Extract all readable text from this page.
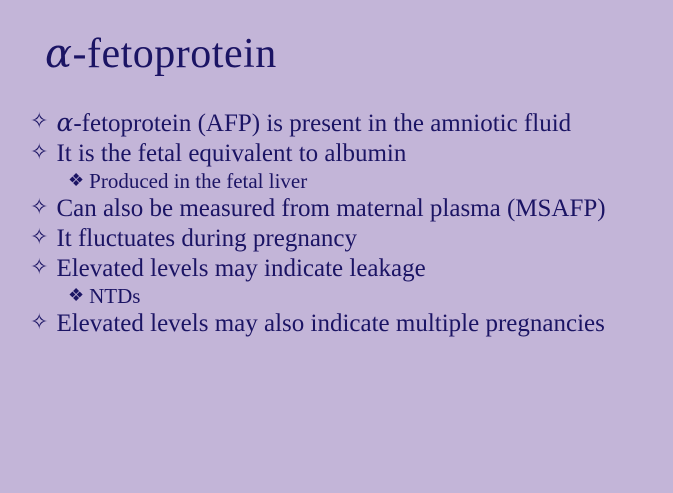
α-fetoprotein
✧ α-fetoprotein (AFP) is present in the amniotic fluid
✧ It is the fetal equivalent to albumin
❖ Produced in the fetal liver
✧ Can also be measured from maternal plasma (MSAFP)
✧ It fluctuates during pregnancy
✧ Elevated levels may indicate leakage
❖ NTDs
✧ Elevated levels may also indicate multiple pregnancies
